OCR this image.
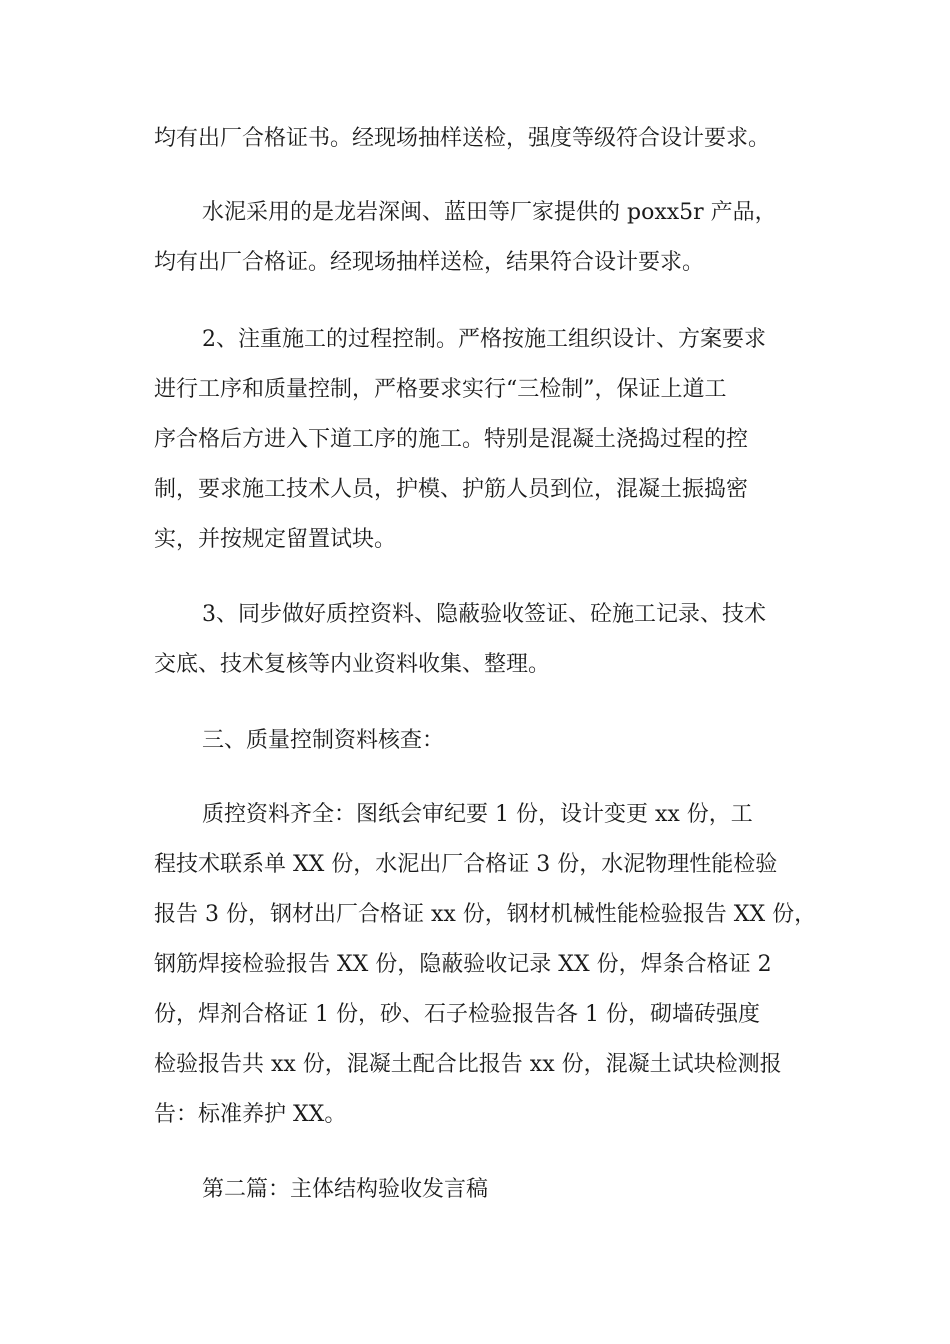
均有出厂合格证书。经现场抽样送检，强度等级符合设计要求。
水泥采用的是龙岩深闽、蓝田等厂家提供的 poxx5r 产品，
均有出厂合格证。经现场抽样送检，结果符合设计要求。
2、注重施工的过程控制。严格按施工组织设计、方案要求
进行工序和质量控制，严格要求实行“三检制”，保证上道工
序合格后方进入下道工序的施工。特别是混凝土浇捣过程的控
制，要求施工技术人员，护模、护筋人员到位，混凝土振捣密
实，并按规定留置试块。
3、同步做好质控资料、隐蔽验收签证、砼施工记录、技术
交底、技术复核等内业资料收集、整理。
三、质量控制资料核查：
质控资料齐全：图纸会审纪要 1 份，设计变更 xx 份，工
程技术联系单 XX 份，水泥出厂合格证 3 份，水泥物理性能检验
报告 3 份，钢材出厂合格证 xx 份，钢材机械性能检验报告 XX 份，
钢筋焊接检验报告 XX 份，隐蔽验收记录 XX 份，焊条合格证 2
份，焊剂合格证 1 份，砂、石子检验报告各 1 份，砌墙砖强度
检验报告共 xx 份，混凝土配合比报告 xx 份，混凝土试块检测报
告：标准养护 XX。
第二篇：主体结构验收发言稿
